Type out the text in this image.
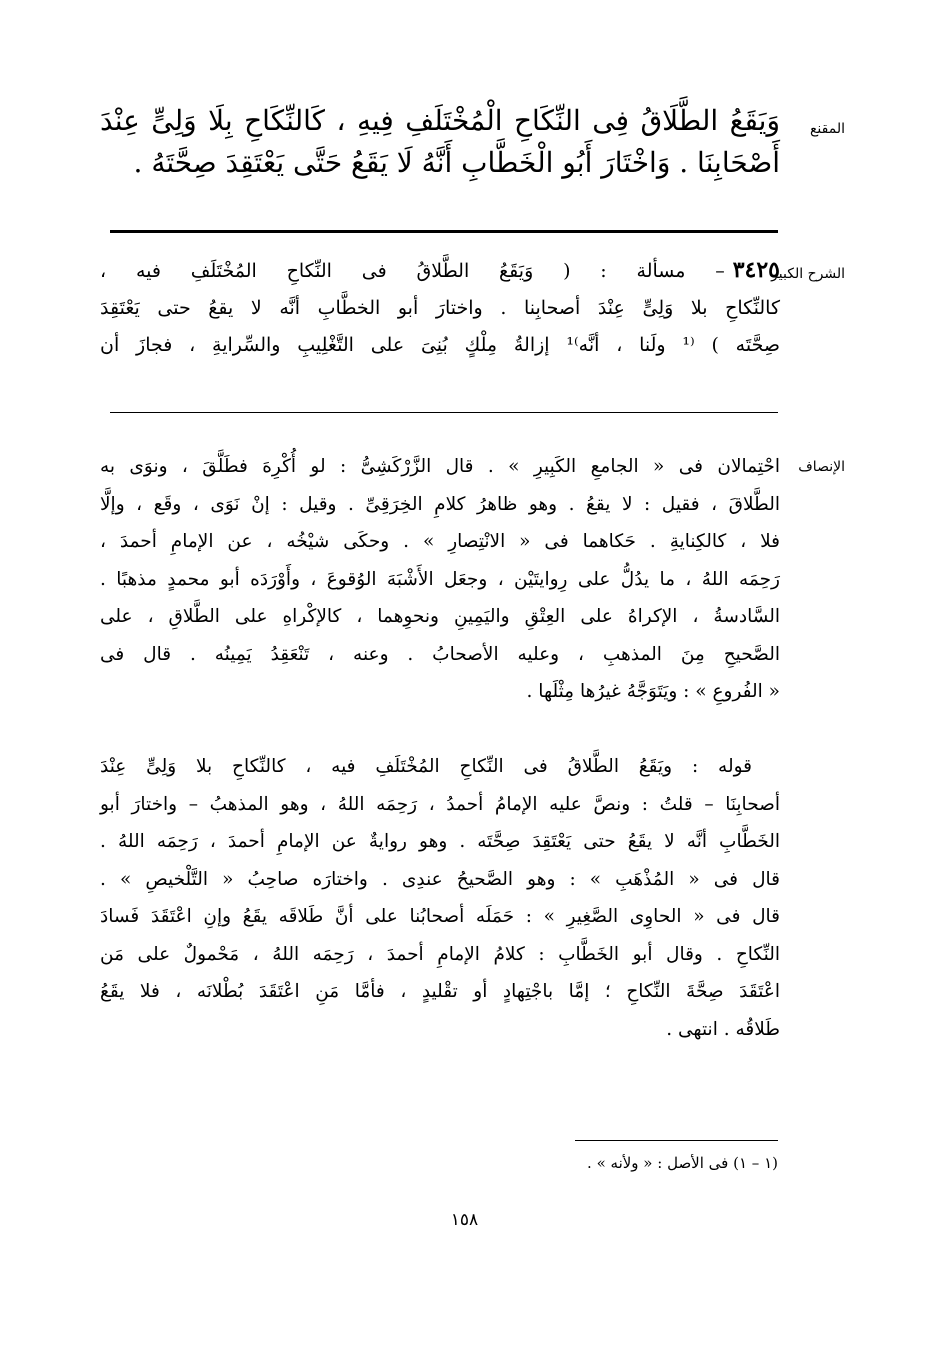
المقنع
وَيَقَعُ الطَّلَاقُ فِى النِّكَاحِ الْمُخْتَلَفِ فِيهِ ، كَالنِّكَاحِ بِلَا وَلِىٍّ عِنْدَ
أَصْحَابِنَا . وَاخْتَارَ أَبُو الْخَطَّابِ أَنَّهُ لَا يَقَعُ حَتَّى يَعْتَقِدَ صِحَّتَهُ .
الشرح الكبير
٣٤٢٥– مسألة : ( وَيَقَعُ الطَّلاقُ فى النِّكاحِ المُخْتَلَفِ فيه ،
كالنِّكاحِ بلا وَلِىٍّ عِنْدَ أصحابِنا . واختارَ أبو الخطَّابِ أنَّه لا يقعُ حتى يَعْتَقِدَ
صِحَّتَه ) ⁽¹ ولَنا ، أنَّه⁾¹ إزالةُ مِلْكٍ بُنِىَ على التَّغْلِيبِ والسِّرايةِ ، فجازَ أن
الإنصاف
احْتِمالان فى « الجامعِ الكَبِيرِ » . قال الزَّرْكَشِىُّ : لو أُكْرِهَ فطَلَّقَ ، ونوَى به
الطَّلاقَ ، فقيل : لا يقعُ . وهو ظاهرُ كلامِ الخِرَقِىِّ . وقيل : إنْ نَوَى ، وقَع ، وإلَّا
فلا ، كالكِنايةِ . حَكاهما فى « الانْتِصارِ » . وحكَى شيْخُه ، عن الإمامِ أحمدَ ،
رَحِمَه اللهُ ، ما يدُلُّ على رِوايتَيْن ، وجعَل الأَشْبَهَ الوُقوعَ ، وأَوْرَدَه أبو محمدٍ مذهبًا .
السَّادسةُ ، الإكراهُ على العِتْقِ واليَمِينِ ونحوِهما ، كالإكْراهِ على الطَّلاقِ ، على
الصَّحيحِ مِنَ المذهبِ ، وعليه الأصحابُ . وعنه ، تَنْعَقِدُ يَمِينُه . قال فى
« الفُروعِ » : ويَتَوَجَّهُ غيرُها مِثْلَها .
قوله : ويَقَعُ الطَّلاقُ فى النِّكاحِ المُخْتَلَفِ فيه ، كالنِّكاحِ بلا وَلِىٍّ عِنْدَ
أصحابِنَا – قلتُ : ونصَّ عليه الإمامُ أحمدُ ، رَحِمَه اللهُ ، وهو المذهبُ – واختارَ أبو
الخَطَّابِ أنَّه لا يقَعُ حتى يَعْتَقِدَ صِحَّتَه . وهو روايةٌ عن الإمامِ أحمدَ ، رَحِمَه اللهُ .
قال فى « المُذْهَبِ » : وهو الصَّحيحُ عندِى . واختارَه صاحِبُ « التَّلْخيصِ » .
قال فى « الحاوِى الصَّغِيرِ » : حَمَلَه أصحابُنا على أنَّ طَلاقَه يقَعُ وإنِ اعْتَقَدَ فَسادَ
النِّكاحِ . وقال أبو الخَطَّابِ : كلامُ الإمامِ أحمدَ ، رَحِمَه اللهُ ، مَحْمولٌ على مَن
اعْتَقَدَ صِحَّةَ النِّكاحِ ؛ إمَّا باجْتِهادٍ أو تقْليدٍ ، فأمَّا مَنِ اعْتَقَدَ بُطْلانَه ، فلا يقَعُ
طَلاقُه . انتهى .
(١ – ١) فى الأصل : « ولأنه » .
١٥٨
